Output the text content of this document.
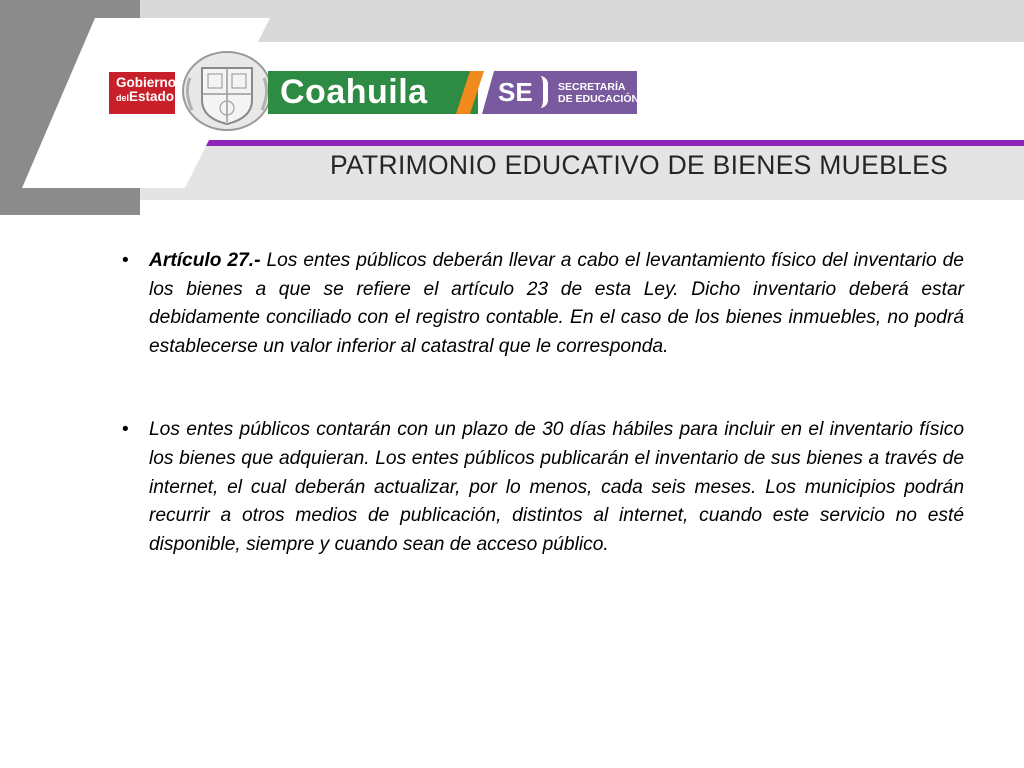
Gobierno
delEstado	Coahuila	SE SECRETARÍA
DE EDUCACIÓN
PATRIMONIO EDUCATIVO DE BIENES MUEBLES
• Artículo 27.- Los entes públicos deberán llevar a cabo el levantamiento físico del inventario de los bienes a que se refiere el artículo 23 de esta Ley. Dicho inventario deberá estar debidamente conciliado con el registro contable. En el caso de los bienes inmuebles, no podrá establecerse un valor inferior al catastral que le corresponda.
• Los entes públicos contarán con un plazo de 30 días hábiles para incluir en el inventario físico los bienes que adquieran. Los entes públicos publicarán el inventario de sus bienes a través de internet, el cual deberán actualizar, por lo menos, cada seis meses. Los municipios podrán recurrir a otros medios de publicación, distintos al internet, cuando este servicio no esté disponible, siempre y cuando sean de acceso público.
